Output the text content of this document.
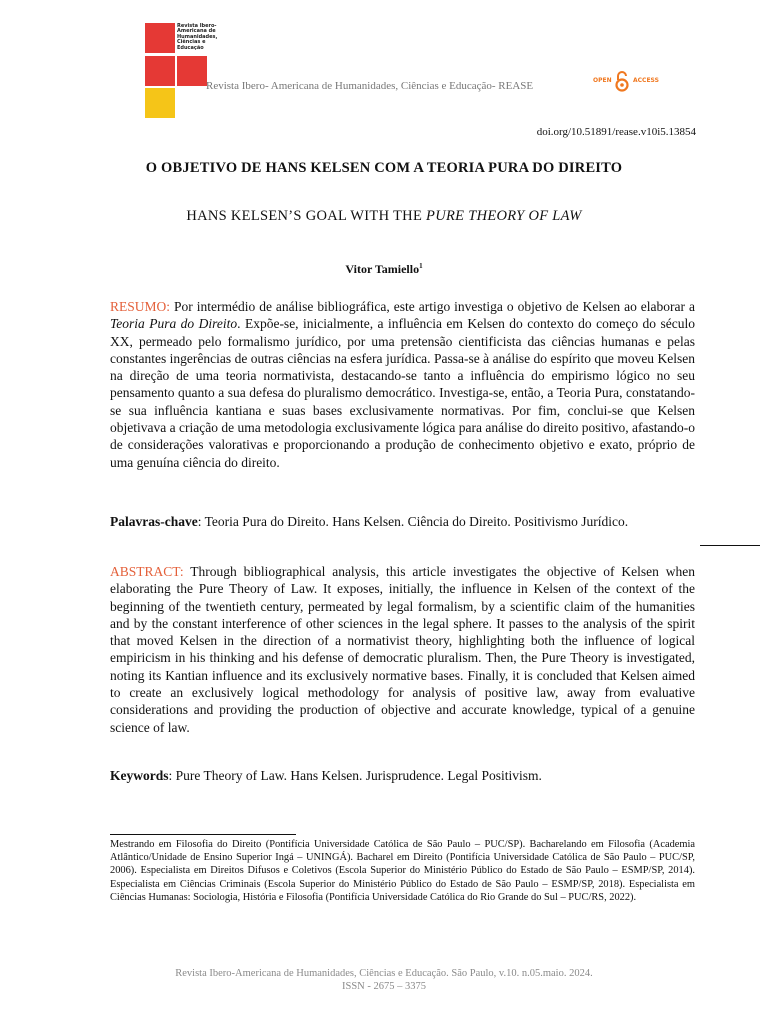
Revista Ibero-Americana de Humanidades, Ciências e Educação
Revista Ibero- Americana de Humanidades, Ciências e Educação- REASE	OPEN	ACCESS
doi.org/10.51891/rease.v10i5.13854
O OBJETIVO DE HANS KELSEN COM A TEORIA PURA DO DIREITO
HANS KELSEN’S GOAL WITH THE PURE THEORY OF LAW
Vitor Tamiello$^1$
RESUMO: Por intermédio de análise bibliográfica, este artigo investiga o objetivo de Kelsen ao elaborar a Teoria Pura do Direito. Expõe-se, inicialmente, a influência em Kelsen do contexto do começo do século XX, permeado pelo formalismo jurídico, por uma pretensão cientificista das ciências humanas e pelas constantes ingerências de outras ciências na esfera jurídica. Passa-se à análise do espírito que moveu Kelsen na direção de uma teoria normativista, destacando-se tanto a influência do empirismo lógico no seu pensamento quanto a sua defesa do pluralismo democrático. Investiga-se, então, a Teoria Pura, constatando-se sua influência kantiana e suas bases exclusivamente normativas. Por fim, conclui-se que Kelsen objetivava a criação de uma metodologia exclusivamente lógica para análise do direito positivo, afastando-o de considerações valorativas e proporcionando a produção de conhecimento objetivo e exato, próprio de uma genuína ciência do direito.
Palavras-chave: Teoria Pura do Direito. Hans Kelsen. Ciência do Direito. Positivismo Jurídico.
ABSTRACT: Through bibliographical analysis, this article investigates the objective of Kelsen when elaborating the Pure Theory of Law. It exposes, initially, the influence in Kelsen of the context of the beginning of the twentieth century, permeated by legal formalism, by a scientific claim of the humanities and by the constant interference of other sciences in the legal sphere. It passes to the analysis of the spirit that moved Kelsen in the direction of a normativist theory, highlighting both the influence of logical empiricism in his thinking and his defense of democratic pluralism. Then, the Pure Theory is investigated, noting its Kantian influence and its exclusively normative bases. Finally, it is concluded that Kelsen aimed to create an exclusively logical methodology for analysis of positive law, away from evaluative considerations and providing the production of objective and accurate knowledge, typical of a genuine science of law.
Keywords: Pure Theory of Law. Hans Kelsen. Jurisprudence. Legal Positivism.
Mestrando em Filosofia do Direito (Pontifícia Universidade Católica de São Paulo – PUC/SP). Bacharelando em Filosofia (Academia Atlântico/Unidade de Ensino Superior Ingá – UNINGÁ). Bacharel em Direito (Pontifícia Universidade Católica de São Paulo – PUC/SP, 2006). Especialista em Direitos Difusos e Coletivos (Escola Superior do Ministério Público do Estado de São Paulo – ESMP/SP, 2014). Especialista em Ciências Criminais (Escola Superior do Ministério Público do Estado de São Paulo – ESMP/SP, 2018). Especialista em Ciências Humanas: Sociologia, História e Filosofia (Pontifícia Universidade Católica do Rio Grande do Sul – PUC/RS, 2022).
Revista Ibero-Americana de Humanidades, Ciências e Educação. São Paulo, v.10. n.05.maio. 2024.
ISSN - 2675 – 3375
